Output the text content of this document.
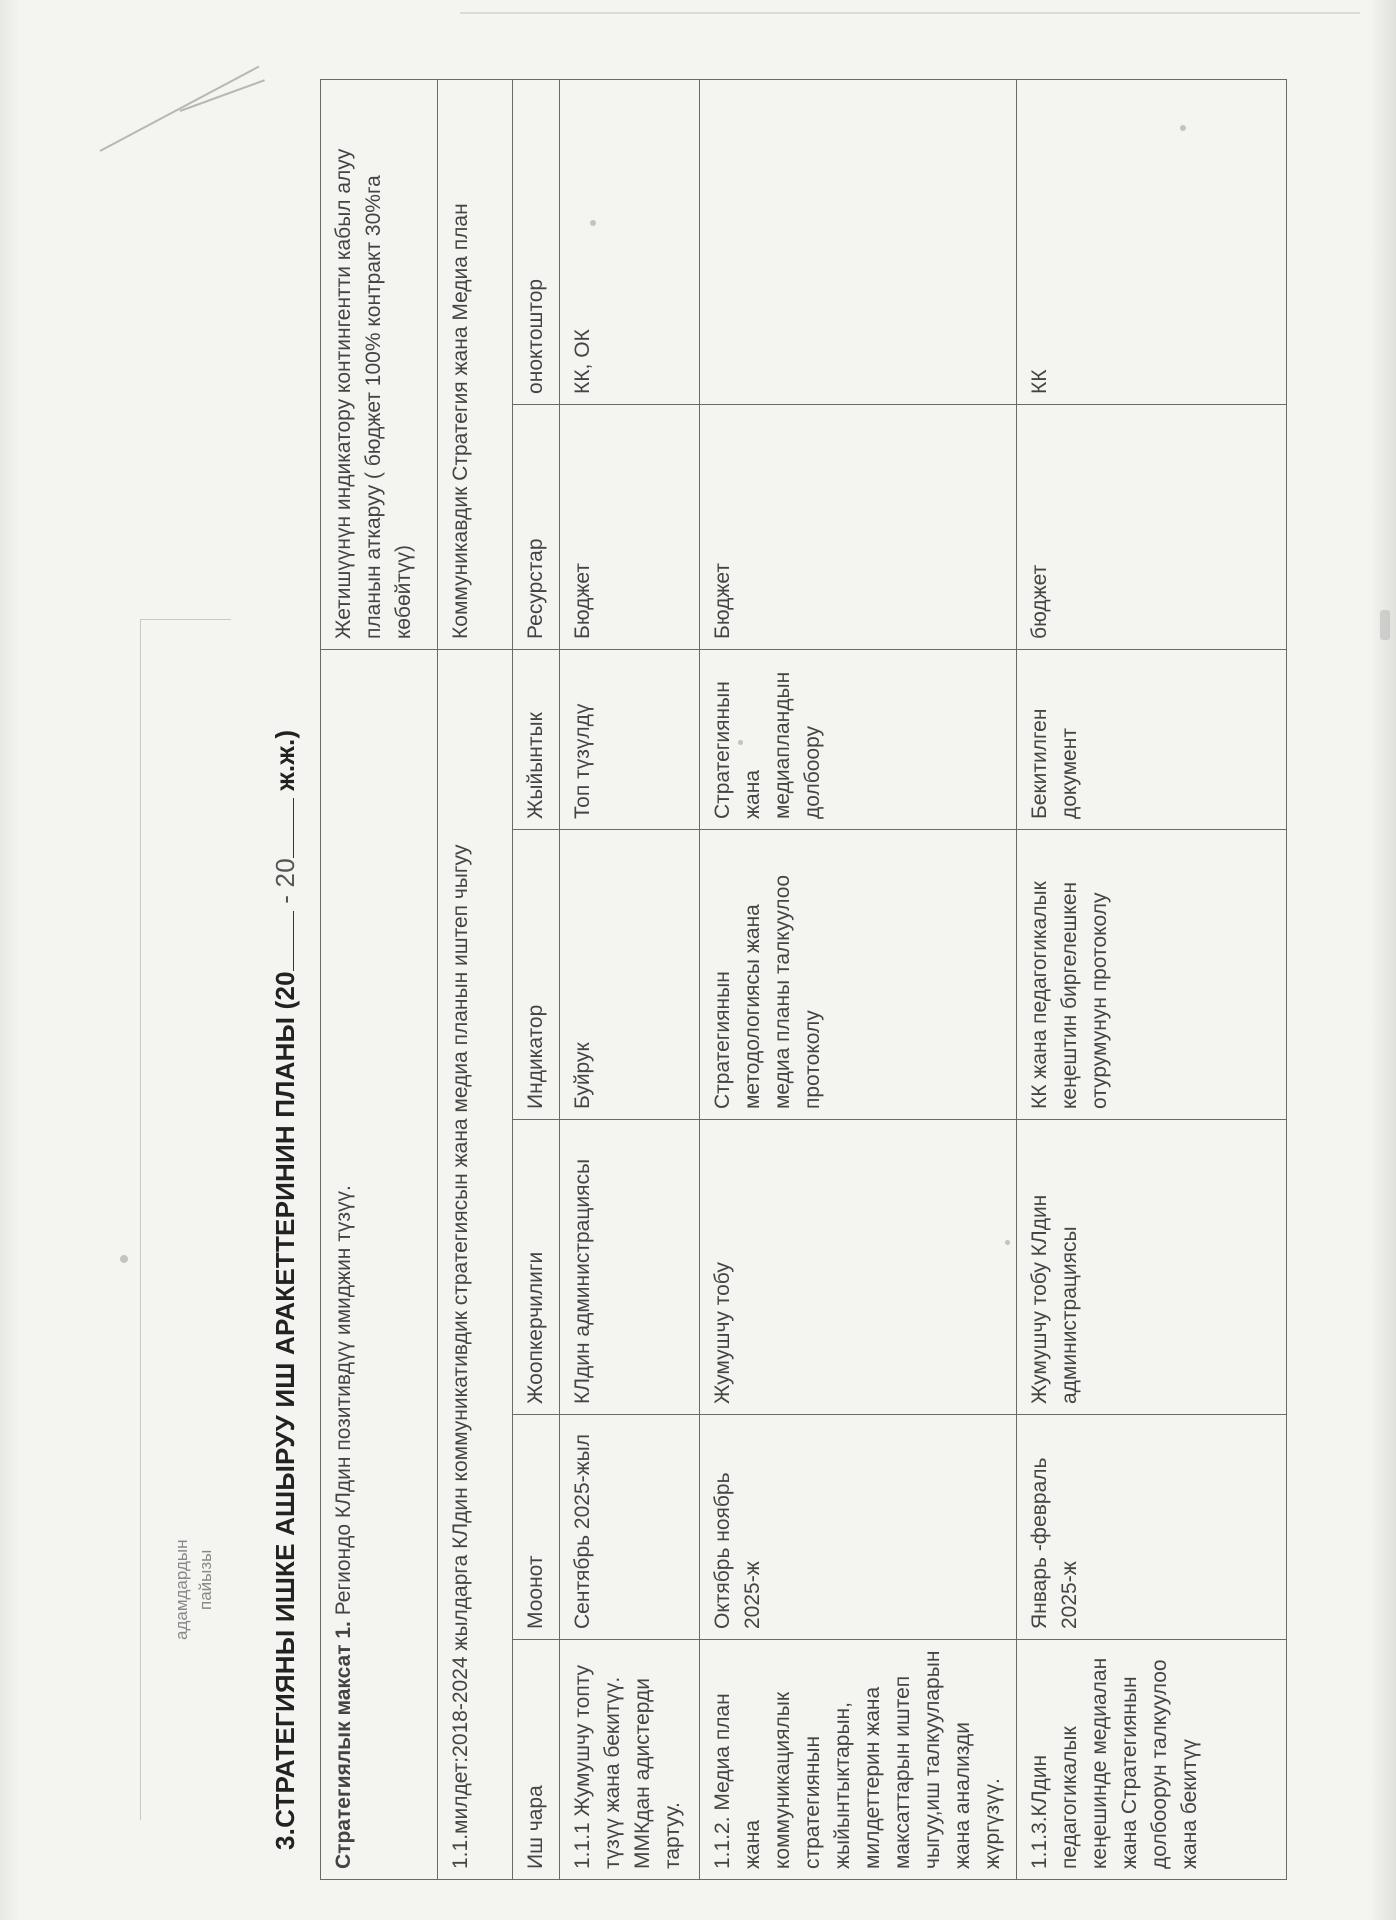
адамдардын пайызы 3.СТРАТЕГИЯНЫ ИШКЕ АШЫРУУ ИШ АРАКЕТТЕРИНИН ПЛАНЫ (20 - 20 ж.ж.)
Стратегиялык максат 1. Региондо КЛдин позитивдүү имиджин түзүү.					Жетишүүнүн индикатору контингентти кабыл алуу планын аткаруу ( бюджет 100% контракт 30%га көбөйтүү)	
1.1.милдет:2018-2024 жылдарга КЛдин коммуникативдик стратегиясын жана медиа планын иштеп чыгуу					Коммуникавдик Стратегия жана Медиа план	
Иш чара	Моонот	Жоопкерчилиги	Индикатор	Жыйынтык	Ресурстар	оноктоштор
1.1.1 Жумушчу топту түзүү жана бекитүү. ММКдан адистерди тартуу.	Сентябрь 2025-жыл	КЛдин администрациясы	Буйрук	Топ түзүлдү	Бюджет	КК, ОК
1.1.2. Медиа план жана коммуникациялык стратегиянын жыйынтыктарын, милдеттерин жана максаттарын иштеп чыгуу,иш талкууларын жана анализди жүргүзүү.	Октябрь ноябрь 2025-ж	Жумушчу тобу	Стратегиянын методологиясы жана медиа планы талкуулоо протоколу	Стратегиянын жана медиапландын долбоору	Бюджет	
1.1.3.КЛдин педагогикалык кеңешинде медиалан жана Стратегиянын долбоорун талкуулоо жана бекитүү	Январь -февраль 2025-ж	Жумушчу тобу КЛдин администрациясы	КК жана педагогикалык кеңештин биргелешкен отурумунун протоколу	Бекитилген документ	бюджет	КК
